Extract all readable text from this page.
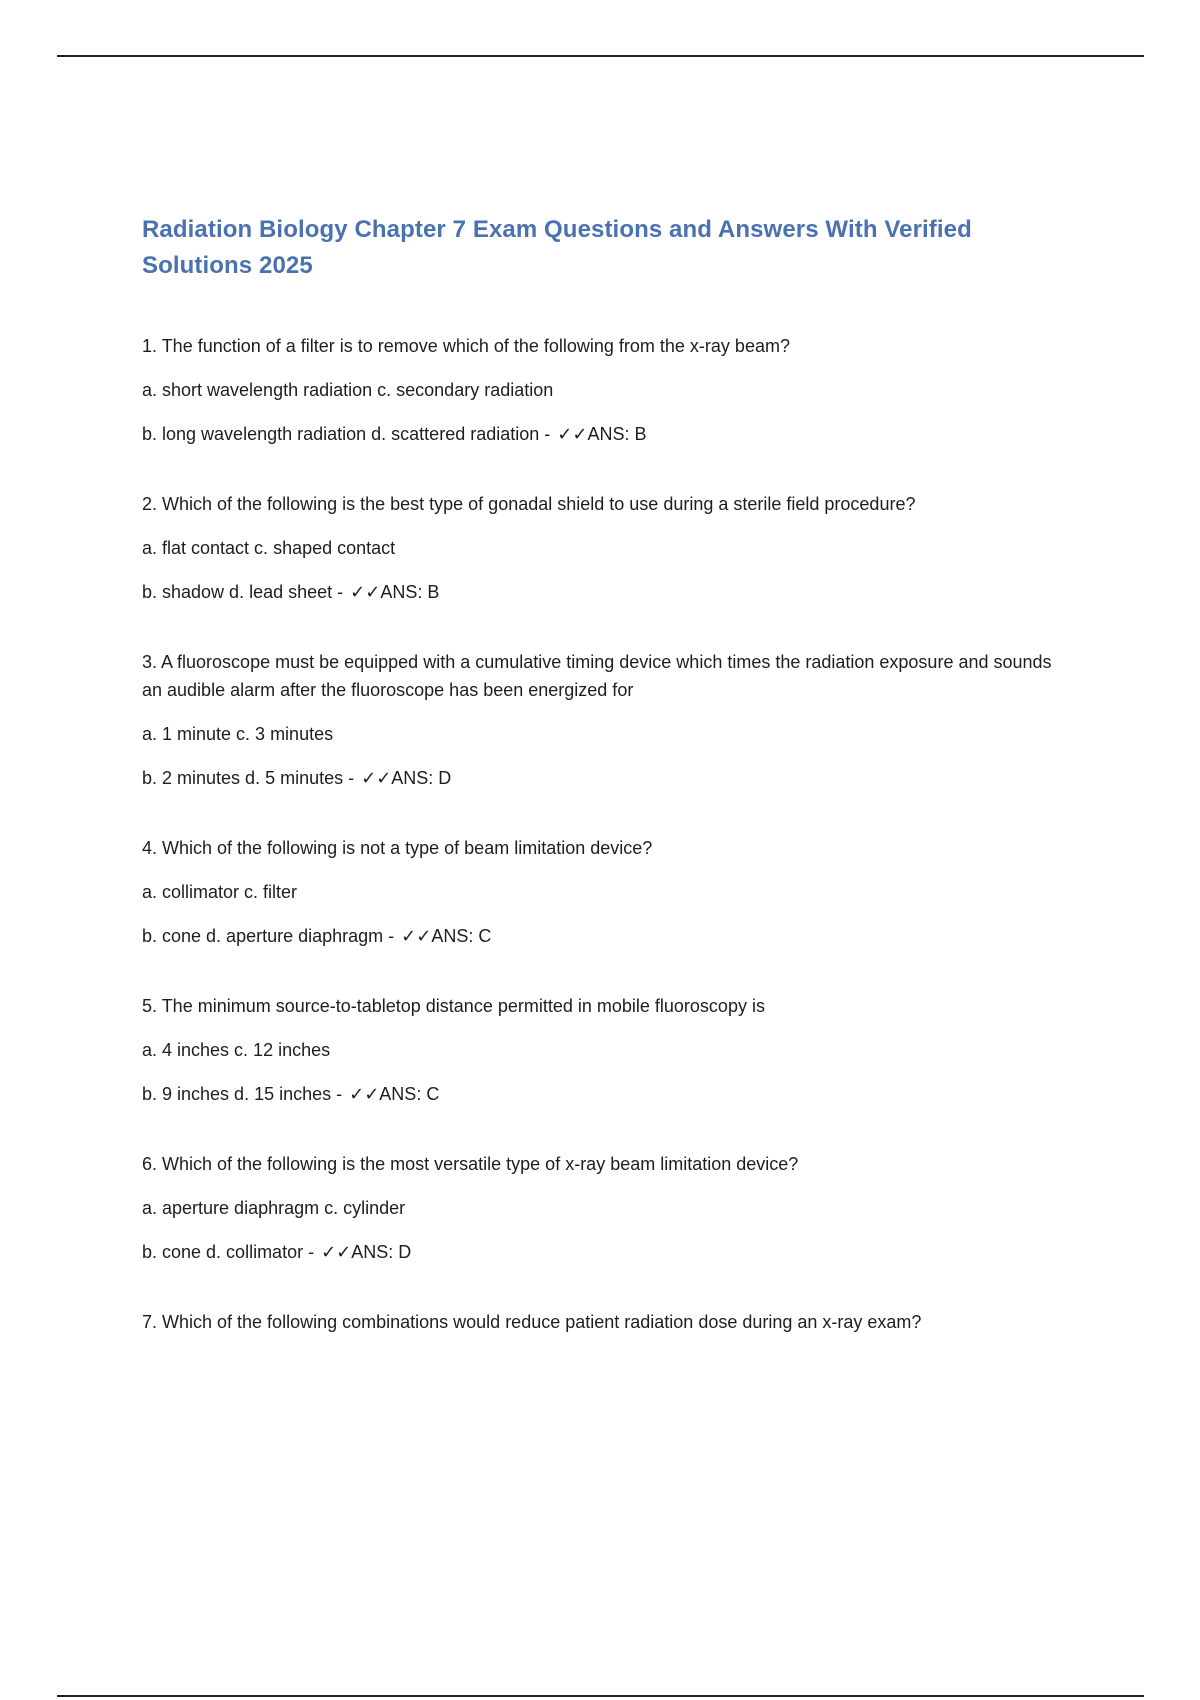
Radiation Biology Chapter 7 Exam Questions and Answers With Verified Solutions 2025

1. The function of a filter is to remove which of the following from the x-ray beam?

a. short wavelength radiation c. secondary radiation

b. long wavelength radiation d. scattered radiation - ✓✓ANS: B

2. Which of the following is the best type of gonadal shield to use during a sterile field procedure?

a. flat contact c. shaped contact

b. shadow d. lead sheet - ✓✓ANS: B

3. A fluoroscope must be equipped with a cumulative timing device which times the radiation exposure and sounds an audible alarm after the fluoroscope has been energized for

a. 1 minute c. 3 minutes

b. 2 minutes d. 5 minutes - ✓✓ANS: D

4. Which of the following is not a type of beam limitation device?

a. collimator c. filter

b. cone d. aperture diaphragm - ✓✓ANS: C

5. The minimum source-to-tabletop distance permitted in mobile fluoroscopy is

a. 4 inches c. 12 inches

b. 9 inches d. 15 inches - ✓✓ANS: C

6. Which of the following is the most versatile type of x-ray beam limitation device?

a. aperture diaphragm c. cylinder

b. cone d. collimator - ✓✓ANS: D

7. Which of the following combinations would reduce patient radiation dose during an x-ray exam?
